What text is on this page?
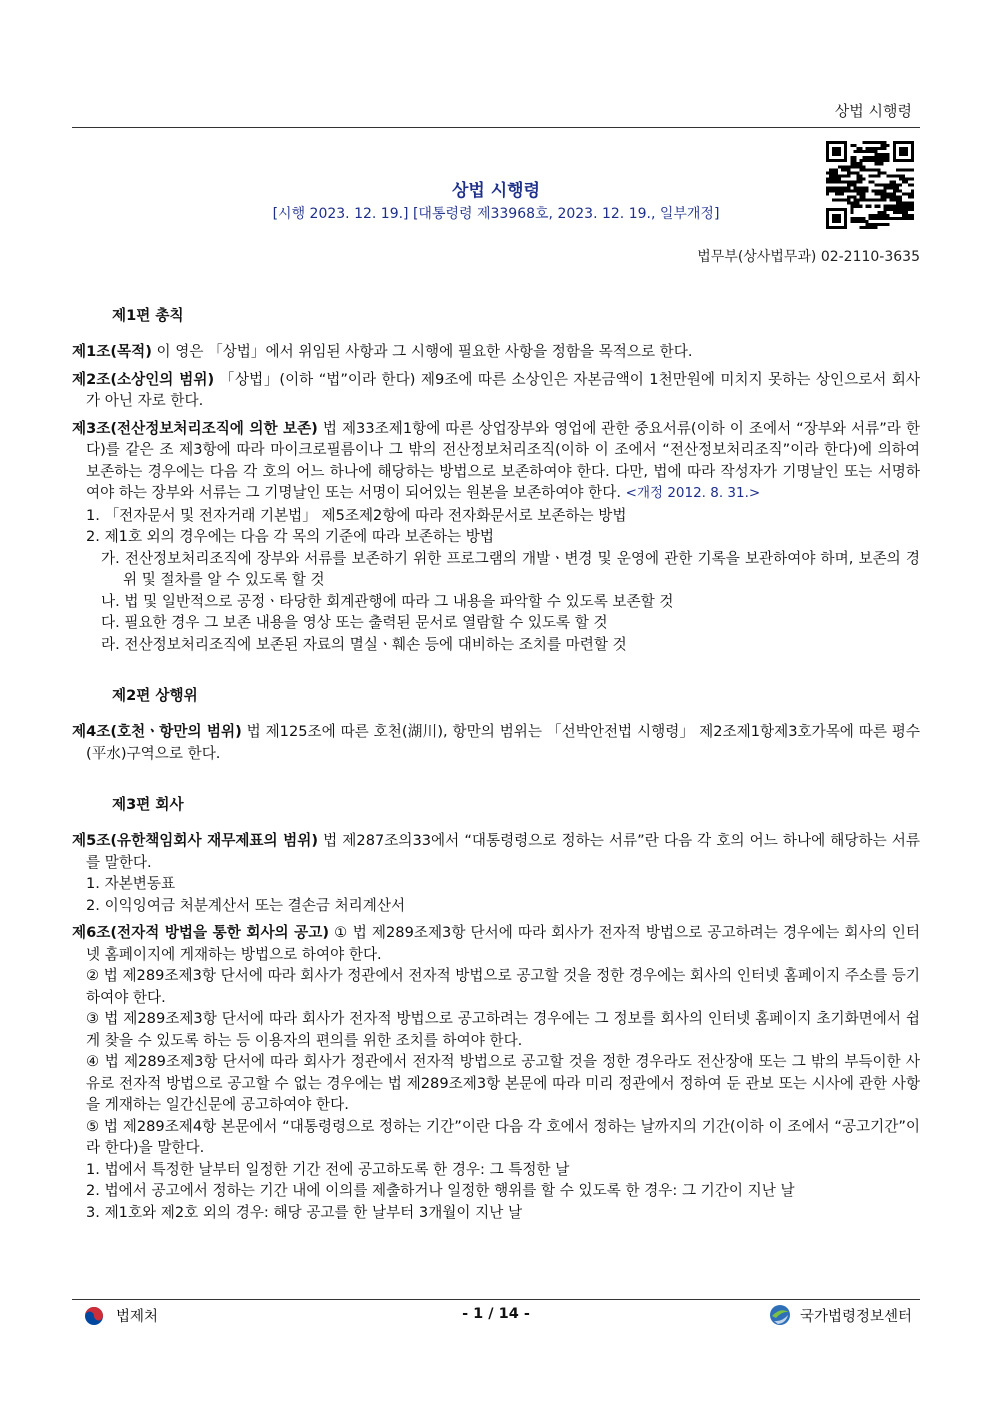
상법 시행령
상법 시행령
[시행 2023. 12. 19.] [대통령령 제33968호, 2023. 12. 19., 일부개정]
법무부(상사법무과) 02-2110-3635
제1편 총칙
제1조(목적) 이 영은 「상법」에서 위임된 사항과 그 시행에 필요한 사항을 정함을 목적으로 한다.
제2조(소상인의 범위) 「상법」(이하 “법”이라 한다) 제9조에 따른 소상인은 자본금액이 1천만원에 미치지 못하는 상인으로서 회사가 아닌 자로 한다.
제3조(전산정보처리조직에 의한 보존) 법 제33조제1항에 따른 상업장부와 영업에 관한 중요서류(이하 이 조에서 “장부와 서류”라 한다)를 같은 조 제3항에 따라 마이크로필름이나 그 밖의 전산정보처리조직(이하 이 조에서 “전산정보처리조직”이라 한다)에 의하여 보존하는 경우에는 다음 각 호의 어느 하나에 해당하는 방법으로 보존하여야 한다. 다만, 법에 따라 작성자가 기명날인 또는 서명하여야 하는 장부와 서류는 그 기명날인 또는 서명이 되어있는 원본을 보존하여야 한다. <개정 2012. 8. 31.>
1. 「전자문서 및 전자거래 기본법」 제5조제2항에 따라 전자화문서로 보존하는 방법
2. 제1호 외의 경우에는 다음 각 목의 기준에 따라 보존하는 방법
가. 전산정보처리조직에 장부와 서류를 보존하기 위한 프로그램의 개발ㆍ변경 및 운영에 관한 기록을 보관하여야 하며, 보존의 경위 및 절차를 알 수 있도록 할 것
나. 법 및 일반적으로 공정ㆍ타당한 회계관행에 따라 그 내용을 파악할 수 있도록 보존할 것
다. 필요한 경우 그 보존 내용을 영상 또는 출력된 문서로 열람할 수 있도록 할 것
라. 전산정보처리조직에 보존된 자료의 멸실ㆍ훼손 등에 대비하는 조치를 마련할 것
제2편 상행위
제4조(호천ㆍ항만의 범위) 법 제125조에 따른 호천(湖川), 항만의 범위는 「선박안전법 시행령」 제2조제1항제3호가목에 따른 평수(平水)구역으로 한다.
제3편 회사
제5조(유한책임회사 재무제표의 범위) 법 제287조의33에서 “대통령령으로 정하는 서류”란 다음 각 호의 어느 하나에 해당하는 서류를 말한다.
1. 자본변동표
2. 이익잉여금 처분계산서 또는 결손금 처리계산서
제6조(전자적 방법을 통한 회사의 공고) ① 법 제289조제3항 단서에 따라 회사가 전자적 방법으로 공고하려는 경우에는 회사의 인터넷 홈페이지에 게재하는 방법으로 하여야 한다.
② 법 제289조제3항 단서에 따라 회사가 정관에서 전자적 방법으로 공고할 것을 정한 경우에는 회사의 인터넷 홈페이지 주소를 등기하여야 한다.
③ 법 제289조제3항 단서에 따라 회사가 전자적 방법으로 공고하려는 경우에는 그 정보를 회사의 인터넷 홈페이지 초기화면에서 쉽게 찾을 수 있도록 하는 등 이용자의 편의를 위한 조치를 하여야 한다.
④ 법 제289조제3항 단서에 따라 회사가 정관에서 전자적 방법으로 공고할 것을 정한 경우라도 전산장애 또는 그 밖의 부득이한 사유로 전자적 방법으로 공고할 수 없는 경우에는 법 제289조제3항 본문에 따라 미리 정관에서 정하여 둔 관보 또는 시사에 관한 사항을 게재하는 일간신문에 공고하여야 한다.
⑤ 법 제289조제4항 본문에서 “대통령령으로 정하는 기간”이란 다음 각 호에서 정하는 날까지의 기간(이하 이 조에서 “공고기간”이라 한다)을 말한다.
1. 법에서 특정한 날부터 일정한 기간 전에 공고하도록 한 경우: 그 특정한 날
2. 법에서 공고에서 정하는 기간 내에 이의를 제출하거나 일정한 행위를 할 수 있도록 한 경우: 그 기간이 지난 날
3. 제1호와 제2호 외의 경우: 해당 공고를 한 날부터 3개월이 지난 날
법제처	- 1 / 14 -	국가법령정보센터
